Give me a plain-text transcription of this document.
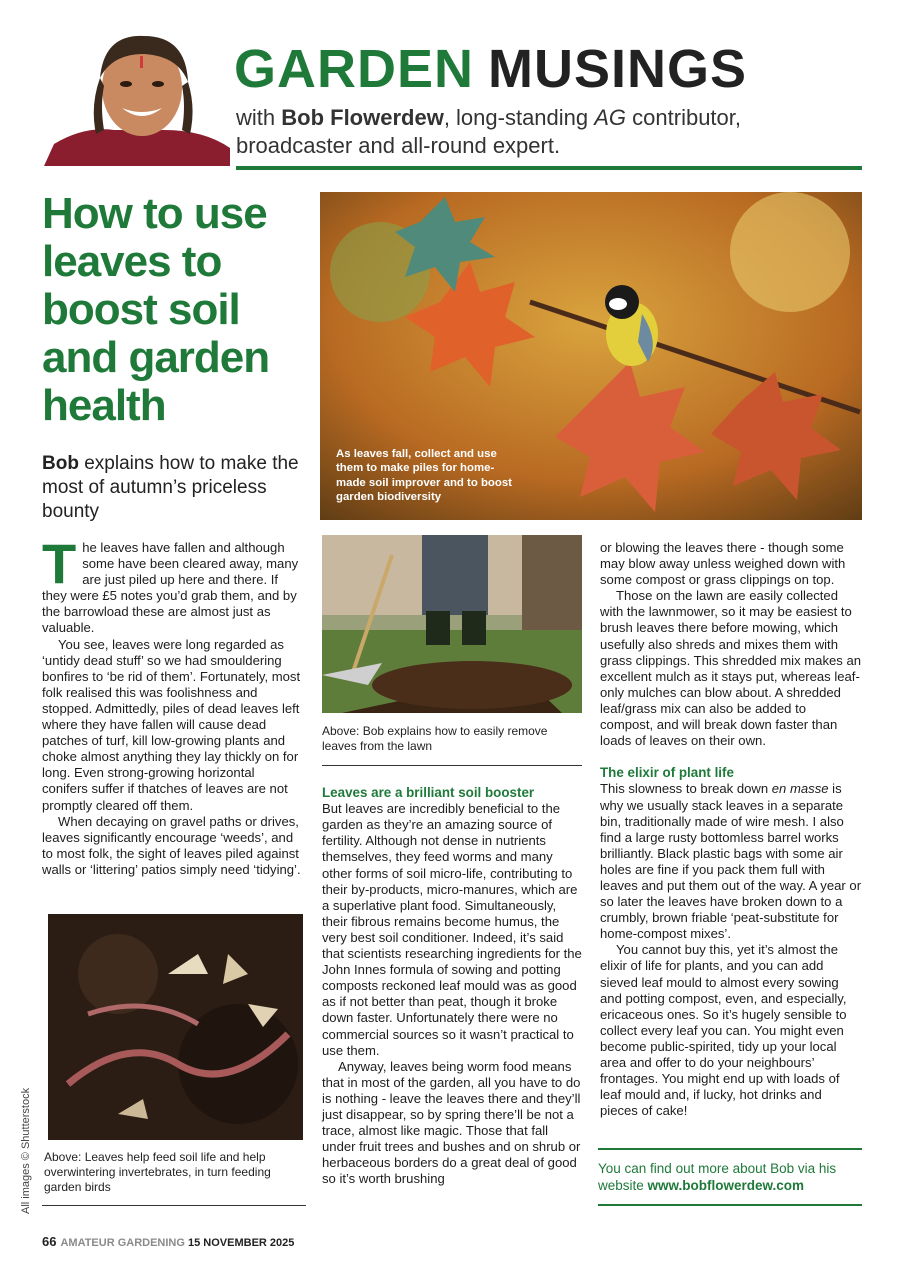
GARDEN MUSINGS
with Bob Flowerdew, long-standing AG contributor, broadcaster and all-round expert.
How to use leaves to boost soil and garden health
Bob explains how to make the most of autumn’s priceless bounty
As leaves fall, collect and use them to make piles for home-made soil improver and to boost garden biodiversity

The leaves have fallen and although some have been cleared away, many are just piled up here and there. If they were £5 notes you’d grab them, and by the barrowload these are almost just as valuable.

You see, leaves were long regarded as ‘untidy dead stuff’ so we had smouldering bonfires to ‘be rid of them’. Fortunately, most folk realised this was foolishness and stopped. Admittedly, piles of dead leaves left where they have fallen will cause dead patches of turf, kill low-growing plants and choke almost anything they lay thickly on for long. Even strong-growing horizontal conifers suffer if thatches of leaves are not promptly cleared off them.

When decaying on gravel paths or drives, leaves significantly encourage ‘weeds’, and to most folk, the sight of leaves piled against walls or ‘littering’ patios simply need ‘tidying’.

Above: Leaves help feed soil life and help overwintering invertebrates, in turn feeding garden birds
All images © Shutterstock
Above: Bob explains how to easily remove leaves from the lawn
Leaves are a brilliant soil booster

But leaves are incredibly beneficial to the garden as they’re an amazing source of fertility. Although not dense in nutrients themselves, they feed worms and many other forms of soil micro-life, contributing to their by-products, micro-manures, which are a superlative plant food. Simultaneously, their fibrous remains become humus, the very best soil conditioner. Indeed, it’s said that scientists researching ingredients for the John Innes formula of sowing and potting composts reckoned leaf mould was as good as if not better than peat, though it broke down faster. Unfortunately there were no commercial sources so it wasn’t practical to use them.

Anyway, leaves being worm food means that in most of the garden, all you have to do is nothing - leave the leaves there and they’ll just disappear, so by spring there’ll be not a trace, almost like magic. Those that fall under fruit trees and bushes and on shrub or herbaceous borders do a great deal of good so it’s worth brushing

or blowing the leaves there - though some may blow away unless weighed down with some compost or grass clippings on top.

Those on the lawn are easily collected with the lawnmower, so it may be easiest to brush leaves there before mowing, which usefully also shreds and mixes them with grass clippings. This shredded mix makes an excellent mulch as it stays put, whereas leaf-only mulches can blow about. A shredded leaf/grass mix can also be added to compost, and will break down faster than loads of leaves on their own.

The elixir of plant life

This slowness to break down en masse is why we usually stack leaves in a separate bin, traditionally made of wire mesh. I also find a large rusty bottomless barrel works brilliantly. Black plastic bags with some air holes are fine if you pack them full with leaves and put them out of the way. A year or so later the leaves have broken down to a crumbly, brown friable ‘peat-substitute for home-compost mixes’.

You cannot buy this, yet it’s almost the elixir of life for plants, and you can add sieved leaf mould to almost every sowing and potting compost, even, and especially, ericaceous ones. So it’s hugely sensible to collect every leaf you can. You might even become public-spirited, tidy up your local area and offer to do your neighbours’ frontages. You might end up with loads of leaf mould and, if lucky, hot drinks and pieces of cake!

You can find out more about Bob via his website www.bobflowerdew.com
66 AMATEUR GARDENING 15 NOVEMBER 2025
